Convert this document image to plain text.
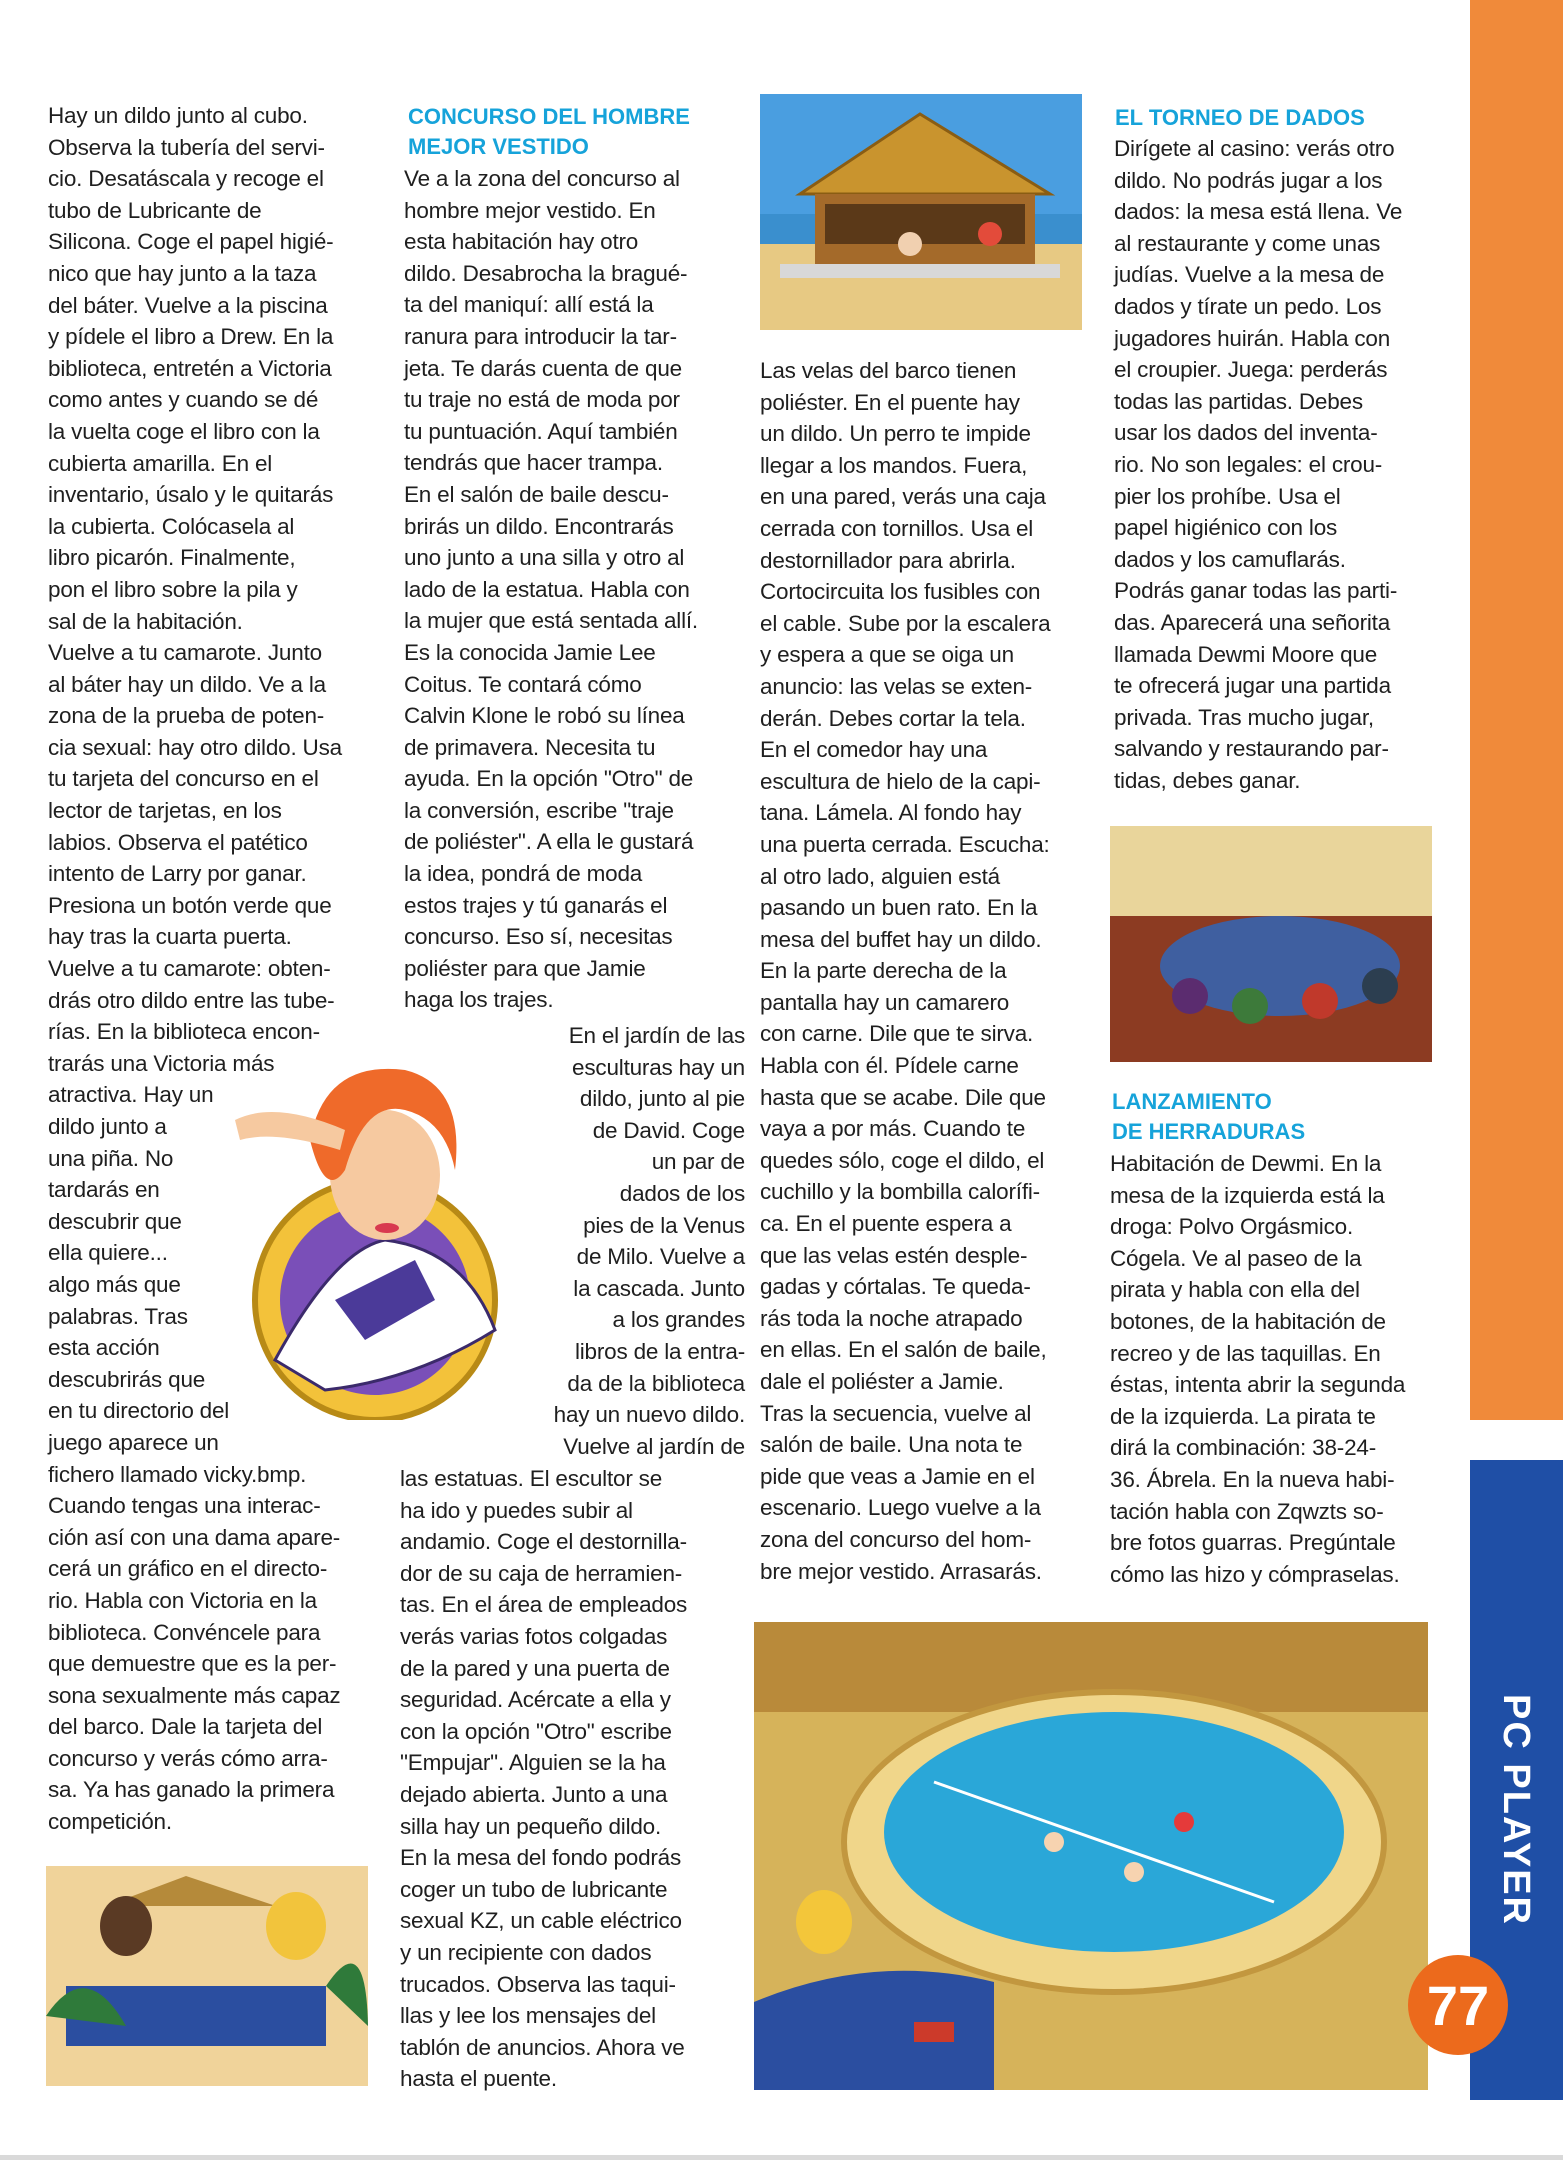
Hay un dildo junto al cubo.
Observa la tubería del servi-
cio. Desatáscala y recoge el
tubo de Lubricante de
Silicona. Coge el papel higié-
nico que hay junto a la taza
del báter. Vuelve a la piscina
y pídele el libro a Drew. En la
biblioteca, entretén a Victoria
como antes y cuando se dé
la vuelta coge el libro con la
cubierta amarilla. En el
inventario, úsalo y le quitarás
la cubierta. Colócasela al
libro picarón. Finalmente,
pon el libro sobre la pila y
sal de la habitación.
Vuelve a tu camarote. Junto
al báter hay un dildo. Ve a la
zona de la prueba de poten-
cia sexual: hay otro dildo. Usa
tu tarjeta del concurso en el
lector de tarjetas, en los
labios. Observa el patético
intento de Larry por ganar.
Presiona un botón verde que
hay tras la cuarta puerta.
Vuelve a tu camarote: obten-
drás otro dildo entre las tube-
rías. En la biblioteca encon-
trarás una Victoria más
atractiva. Hay un
dildo junto a
una piña. No
tardarás en
descubrir que
ella quiere...
algo más que
palabras. Tras
esta acción
descubrirás que
en tu directorio del
juego aparece un
fichero llamado vicky.bmp.
Cuando tengas una interac-
ción así con una dama apare-
cerá un gráfico en el directo-
rio. Habla con Victoria en la
biblioteca. Convéncele para
que demuestre que es la per-
sona sexualmente más capaz
del barco. Dale la tarjeta del
concurso y verás cómo arra-
sa. Ya has ganado la primera
competición.
CONCURSO DEL HOMBRE
MEJOR VESTIDO
Ve a la zona del concurso al
hombre mejor vestido. En
esta habitación hay otro
dildo. Desabrocha la bragué-
ta del maniquí: allí está la
ranura para introducir la tar-
jeta. Te darás cuenta de que
tu traje no está de moda por
tu puntuación. Aquí también
tendrás que hacer trampa.
En el salón de baile descu-
brirás un dildo. Encontrarás
uno junto a una silla y otro al
lado de la estatua. Habla con
la mujer que está sentada allí.
Es la conocida Jamie Lee
Coitus. Te contará cómo
Calvin Klone le robó su línea
de primavera. Necesita tu
ayuda. En la opción "Otro" de
la conversión, escribe "traje
de poliéster". A ella le gustará
la idea, pondrá de moda
estos trajes y tú ganarás el
concurso. Eso sí, necesitas
poliéster para que Jamie
haga los trajes.
En el jardín de las
esculturas hay un
dildo, junto al pie
de David. Coge
un par de
dados de los
pies de la Venus
de Milo. Vuelve a
la cascada. Junto
a los grandes
libros de la entra-
da de la biblioteca
hay un nuevo dildo.
Vuelve al jardín de
las estatuas. El escultor se
ha ido y puedes subir al
andamio. Coge el destornilla-
dor de su caja de herramien-
tas. En el área de empleados
verás varias fotos colgadas
de la pared y una puerta de
seguridad. Acércate a ella y
con la opción "Otro" escribe
"Empujar". Alguien se la ha
dejado abierta. Junto a una
silla hay un pequeño dildo.
En la mesa del fondo podrás
coger un tubo de lubricante
sexual KZ, un cable eléctrico
y un recipiente con dados
trucados. Observa las taqui-
llas y lee los mensajes del
tablón de anuncios. Ahora ve
hasta el puente.
Las velas del barco tienen
poliéster. En el puente hay
un dildo. Un perro te impide
llegar a los mandos. Fuera,
en una pared, verás una caja
cerrada con tornillos. Usa el
destornillador para abrirla.
Cortocircuita los fusibles con
el cable. Sube por la escalera
y espera a que se oiga un
anuncio: las velas se exten-
derán. Debes cortar la tela.
En el comedor hay una
escultura de hielo de la capi-
tana. Lámela. Al fondo hay
una puerta cerrada. Escucha:
al otro lado, alguien está
pasando un buen rato. En la
mesa del buffet hay un dildo.
En la parte derecha de la
pantalla hay un camarero
con carne. Dile que te sirva.
Habla con él. Pídele carne
hasta que se acabe. Dile que
vaya a por más. Cuando te
quedes sólo, coge el dildo, el
cuchillo y la bombilla calorífi-
ca. En el puente espera a
que las velas estén desple-
gadas y córtalas. Te queda-
rás toda la noche atrapado
en ellas. En el salón de baile,
dale el poliéster a Jamie.
Tras la secuencia, vuelve al
salón de baile. Una nota te
pide que veas a Jamie en el
escenario. Luego vuelve a la
zona del concurso del hom-
bre mejor vestido. Arrasarás.
EL TORNEO DE DADOS
Dirígete al casino: verás otro
dildo. No podrás jugar a los
dados: la mesa está llena. Ve
al restaurante y come unas
judías. Vuelve a la mesa de
dados y tírate un pedo. Los
jugadores huirán. Habla con
el croupier. Juega: perderás
todas las partidas. Debes
usar los dados del inventa-
rio. No son legales: el crou-
pier los prohíbe. Usa el
papel higiénico con los
dados y los camuflarás.
Podrás ganar todas las parti-
das. Aparecerá una señorita
llamada Dewmi Moore que
te ofrecerá jugar una partida
privada. Tras mucho jugar,
salvando y restaurando par-
tidas, debes ganar.
LANZAMIENTO
DE HERRADURAS
Habitación de Dewmi. En la
mesa de la izquierda está la
droga: Polvo Orgásmico.
Cógela. Ve al paseo de la
pirata y habla con ella del
botones, de la habitación de
recreo y de las taquillas. En
éstas, intenta abrir la segunda
de la izquierda. La pirata te
dirá la combinación: 38-24-
36. Ábrela. En la nueva habi-
tación habla con Zqwzts so-
bre fotos guarras. Pregúntale
cómo las hizo y cómpraselas.
PC PLAYER
77
